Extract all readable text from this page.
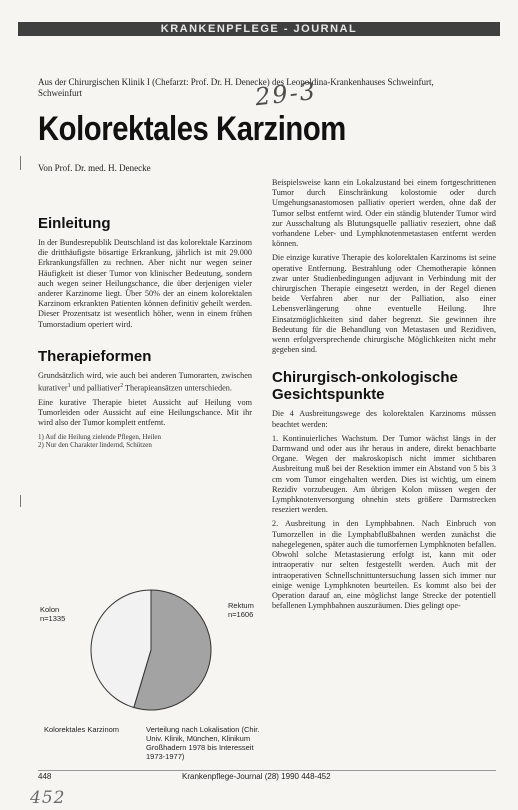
KRANKENPFLEGE - JOURNAL
Aus der Chirurgischen Klinik I (Chefarzt: Prof. Dr. H. Denecke) des Leopoldina-Krankenhauses Schweinfurt, Schweinfurt	29-3
Kolorektales Karzinom
Von Prof. Dr. med. H. Denecke
Einleitung

In der Bundesrepublik Deutschland ist das kolorektale Karzinom die dritthäufigste bösartige Erkrankung, jährlich ist mit 29.000 Erkrankungsfällen zu rechnen. Aber nicht nur wegen seiner Häufigkeit ist dieser Tumor von klinischer Bedeutung, sondern auch wegen seiner Heilungschance, die über derjenigen vieler anderer Karzinome liegt. Über 50% der an einem kolorektalen Karzinom erkrankten Patienten können definitiv geheilt werden. Dieser Prozentsatz ist wesentlich höher, wenn in einem frühen Tumorstadium operiert wird.

Therapieformen

Grundsätzlich wird, wie auch bei anderen Tumorarten, zwischen kurativer$^1$ und palliativer$^2$ Therapieansätzen unterschieden.

Eine kurative Therapie bietet Aussicht auf Heilung vom Tumorleiden oder Aussicht auf eine Heilungschance. Mit ihr wird also der Tumor komplett entfernt.

1) Auf die Heilung zielende Pflegen, Heilen

2) Nur den Charakter lindernd, Schützen

Kolon
n=1335
Rektum
n=1606
Kolorektales Karzinom	Verteilung nach Lokalisation (Chir. Univ. Klinik, München, Klinikum Großhadern 1978 bis Interesseit 1973-1977)

Beispielsweise kann ein Lokalzustand bei einem fortgeschrittenen Tumor durch Einschränkung kolostomie oder durch Umgehungsanastomosen palliativ operiert werden, ohne daß der Tumor selbst entfernt wird. Oder ein ständig blutender Tumor wird zur Ausschaltung als Blutungsquelle palliativ reseziert, ohne daß vorhandene Leber- und Lymphknotenmetastasen entfernt werden können.

Die einzige kurative Therapie des kolorektalen Karzinoms ist seine operative Entfernung. Bestrahlung oder Chemotherapie können zwar unter Studienbedingungen adjuvant in Verbindung mit der chirurgischen Therapie eingesetzt werden, in der Regel dienen beide Verfahren aber nur der Palliation, also einer Lebensverlängerung ohne eventuelle Heilung. Ihre Einsatzmöglichkeiten sind daher begrenzt. Sie gewinnen ihre Bedeutung für die Behandlung von Metastasen und Rezidiven, wenn erfolgversprechende chirurgische Möglichkeiten nicht mehr gegeben sind.

Chirurgisch-onkologische Gesichtspunkte

Die 4 Ausbreitungswege des kolorektalen Karzinoms müssen beachtet werden:

1. Kontinuierliches Wachstum. Der Tumor wächst längs in der Darmwand und oder aus ihr heraus in andere, direkt benachbarte Organe. Wegen der makroskopisch nicht immer sichtbaren Ausbreitung muß bei der Resektion immer ein Abstand von 5 bis 3 cm vom Tumor eingehalten werden. Dies ist wichtig, um einem Rezidiv vorzubeugen. Am übrigen Kolon müssen wegen der Lymphknotenversorgung ohnehin stets größere Darmstrecken reseziert werden.

2. Ausbreitung in den Lymphbahnen. Nach Einbruch von Tumorzellen in die Lymphabflußbahnen werden zunächst die nahegelegenen, später auch die tumorfernen Lymphknoten befallen. Obwohl solche Metastasierung erfolgt ist, kann mit oder intraoperativ nur selten festgestellt werden. Auch mit der intraoperativen Schnellschnittuntersuchung lassen sich immer nur einige wenige Lymphknoten beurteilen. Es kommt also bei der Operation darauf an, eine möglichst lange Strecke der potentiell befallenen Lymphbahnen auszuräumen. Dies gelingt ope-

448	Krankenpflege-Journal (28) 1990 448-452
452
